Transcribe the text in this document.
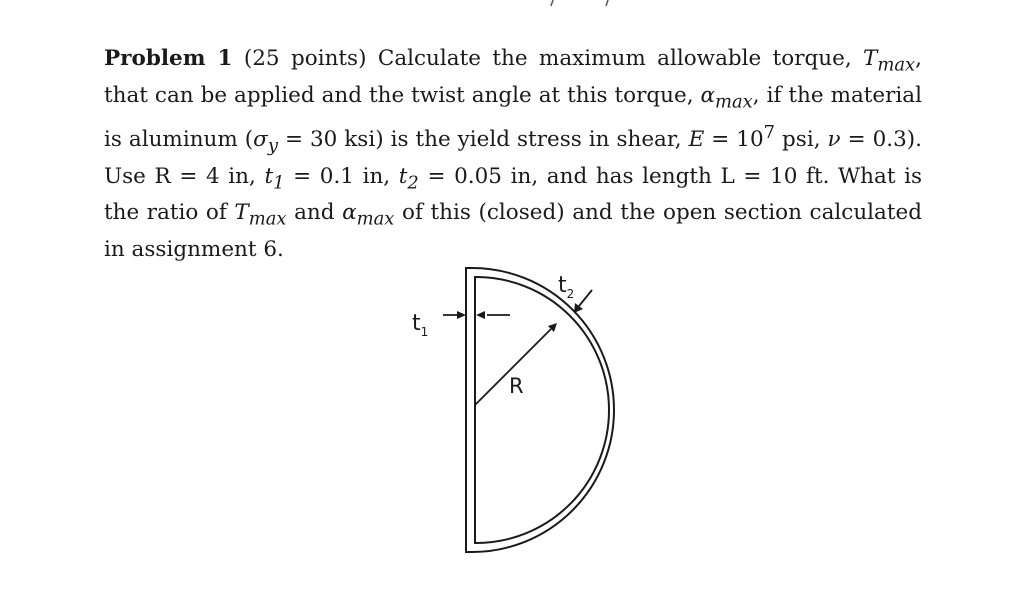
Problem 1 (25 points) Calculate the maximum allowable torque, $T_{max}$, that can be applied and the twist angle at this torque, $\alpha_{max}$, if the material is aluminum ($\sigma_y = 30$ ksi) is the yield stress in shear, $E = 10^7$ psi, ν = 0.3). Use R = 4 in, $t_1 = 0.1$ in, $t_2 = 0.05$ in, and has length L = 10 ft. What is the ratio of $T_{max}$ and $\alpha_{max}$ of this (closed) and the open section calculated in assignment 6.
$t_1$
$t_2$
R
